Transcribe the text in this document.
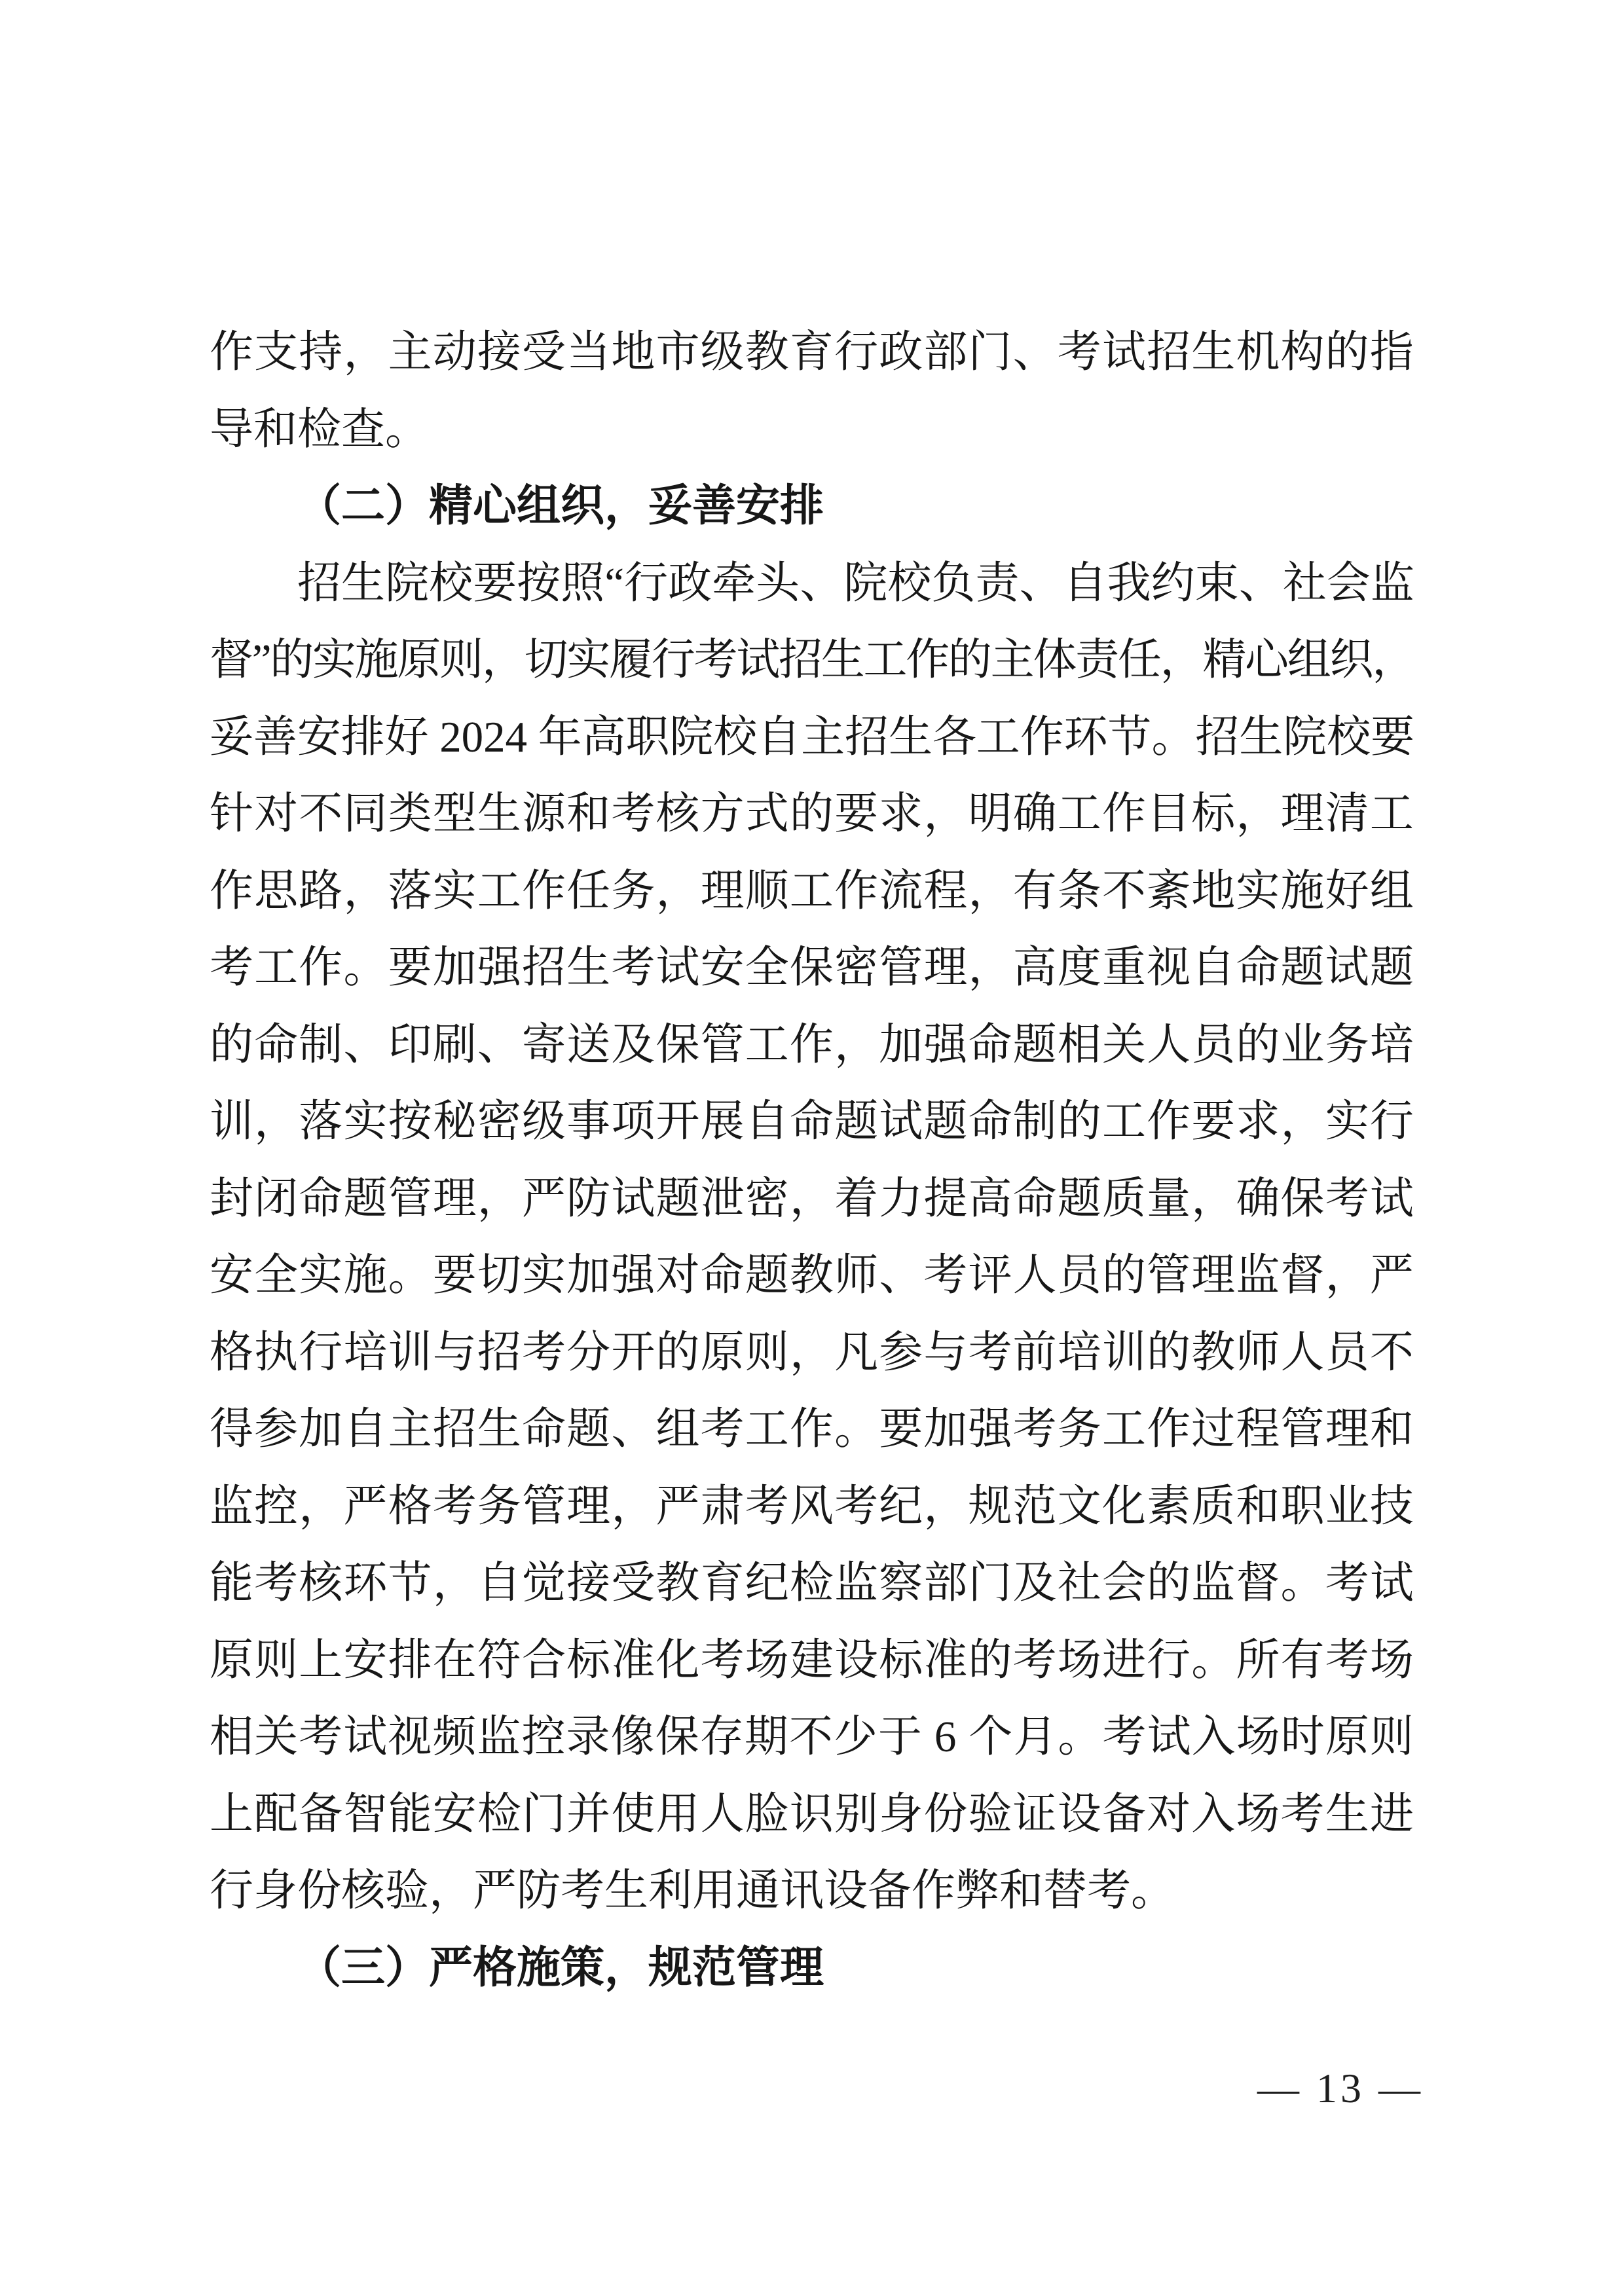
作支持，主动接受当地市级教育行政部门、考试招生机构的指
导和检查。
（二）精心组织，妥善安排
招生院校要按照“行政牵头、院校负责、自我约束、社会监
督”的实施原则，切实履行考试招生工作的主体责任，精心组织，
妥善安排好 2024 年高职院校自主招生各工作环节。招生院校要
针对不同类型生源和考核方式的要求，明确工作目标，理清工
作思路，落实工作任务，理顺工作流程，有条不紊地实施好组
考工作。要加强招生考试安全保密管理，高度重视自命题试题
的命制、印刷、寄送及保管工作，加强命题相关人员的业务培
训，落实按秘密级事项开展自命题试题命制的工作要求，实行
封闭命题管理，严防试题泄密，着力提高命题质量，确保考试
安全实施。要切实加强对命题教师、考评人员的管理监督，严
格执行培训与招考分开的原则，凡参与考前培训的教师人员不
得参加自主招生命题、组考工作。要加强考务工作过程管理和
监控，严格考务管理，严肃考风考纪，规范文化素质和职业技
能考核环节，自觉接受教育纪检监察部门及社会的监督。考试
原则上安排在符合标准化考场建设标准的考场进行。所有考场
相关考试视频监控录像保存期不少于 6 个月。考试入场时原则
上配备智能安检门并使用人脸识别身份验证设备对入场考生进
行身份核验，严防考生利用通讯设备作弊和替考。
（三）严格施策，规范管理
— 13 —
